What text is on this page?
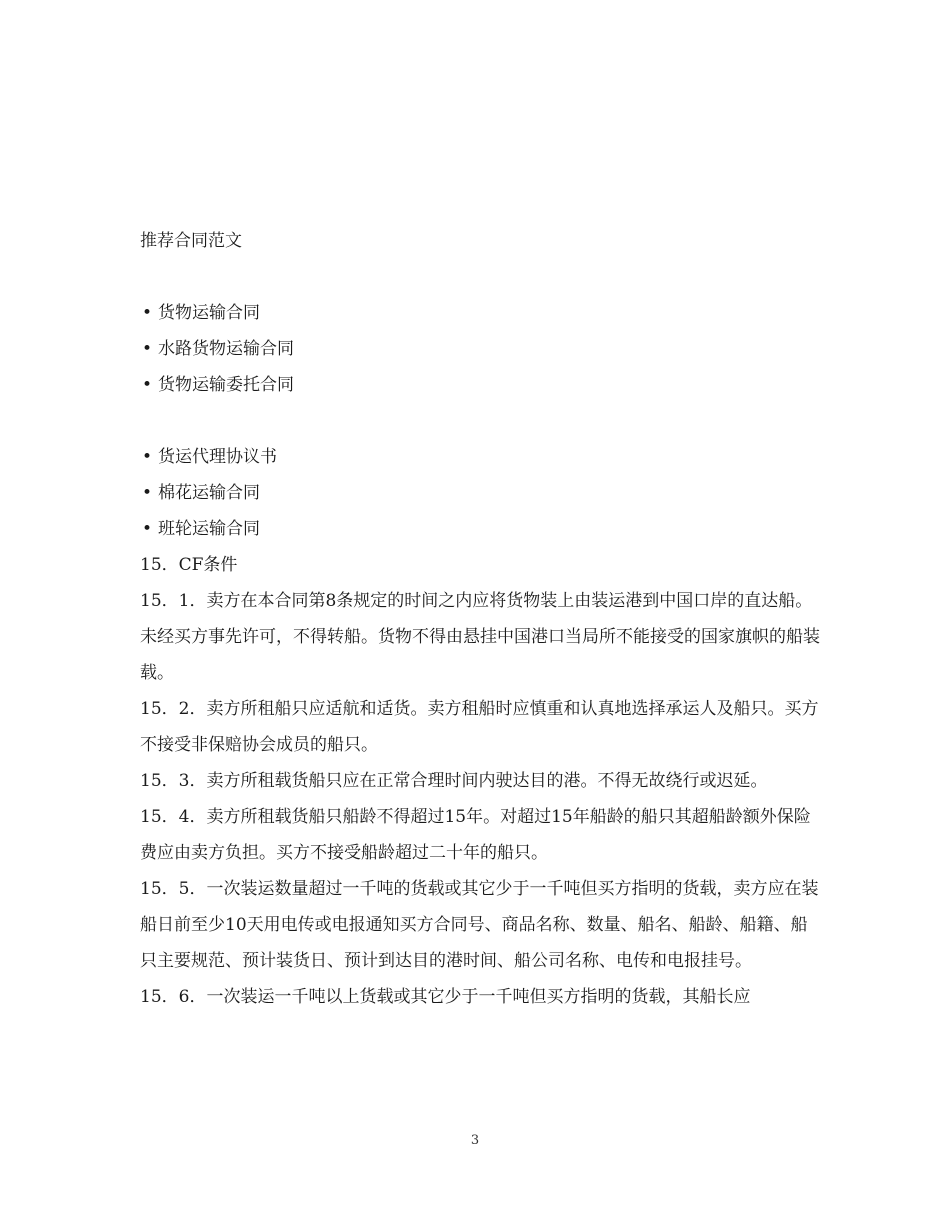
推荐合同范文

• 货物运输合同

• 水路货物运输合同

• 货物运输委托合同

• 货运代理协议书

• 棉花运输合同

• 班轮运输合同

15．CF条件

15．1．卖方在本合同第8条规定的时间之内应将货物装上由装运港到中国口岸的直达船。未经买方事先许可，不得转船。货物不得由悬挂中国港口当局所不能接受的国家旗帜的船装载。

15．2．卖方所租船只应适航和适货。卖方租船时应慎重和认真地选择承运人及船只。买方不接受非保赔协会成员的船只。

15．3．卖方所租载货船只应在正常合理时间内驶达目的港。不得无故绕行或迟延。

15．4．卖方所租载货船只船龄不得超过15年。对超过15年船龄的船只其超船龄额外保险费应由卖方负担。买方不接受船龄超过二十年的船只。

15．5．一次装运数量超过一千吨的货载或其它少于一千吨但买方指明的货载，卖方应在装船日前至少10天用电传或电报通知买方合同号、商品名称、数量、船名、船龄、船籍、船只主要规范、预计装货日、预计到达目的港时间、船公司名称、电传和电报挂号。

15．6．一次装运一千吨以上货载或其它少于一千吨但买方指明的货载，其船长应

3
